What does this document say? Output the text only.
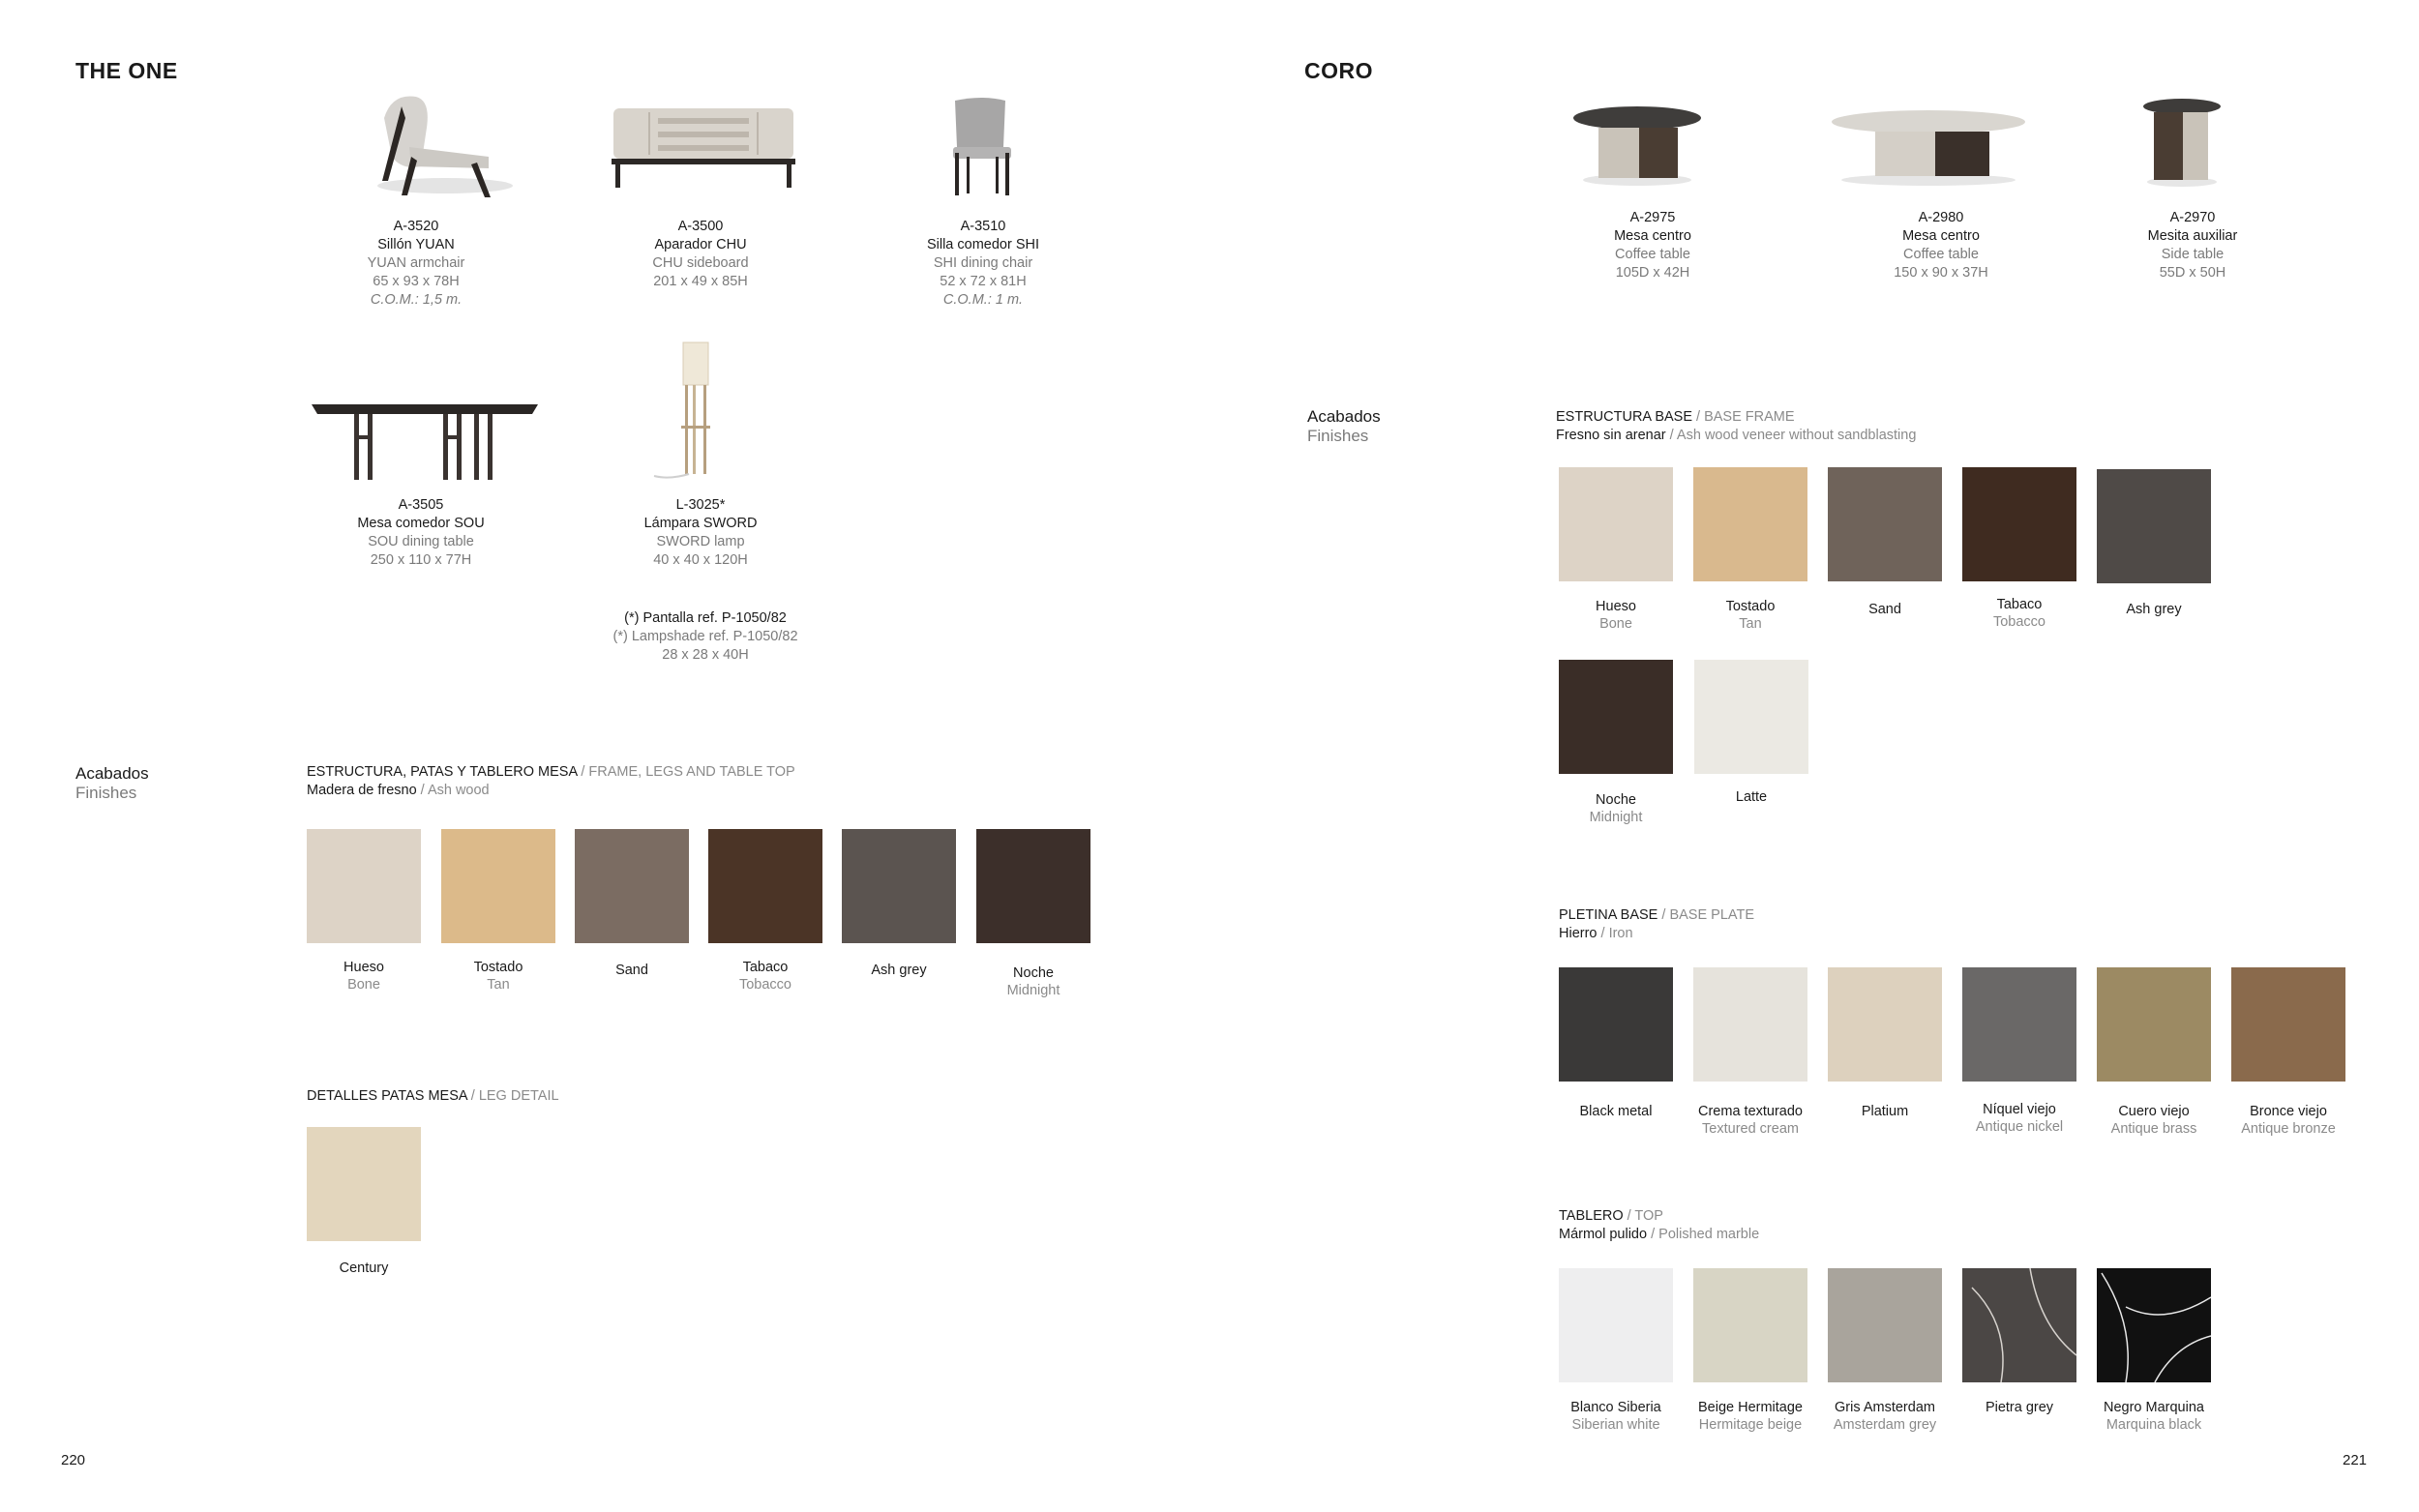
THE ONE
A-3520
Sillón YUAN
YUAN armchair
65 x 93 x 78H
C.O.M.: 1,5 m.
A-3500
Aparador CHU
CHU sideboard
201 x 49 x 85H
A-3510
Silla comedor SHI
SHI dining chair
52 x 72 x 81H
C.O.M.: 1 m.
A-3505
Mesa comedor SOU
SOU dining table
250 x 110 x 77H
L-3025*
Lámpara SWORD
SWORD lamp
40 x 40 x 120H
(*) Pantalla ref. P-1050/82
(*) Lampshade ref. P-1050/82
28 x 28 x 40H
Acabados
Finishes
ESTRUCTURA, PATAS Y TABLERO MESA / FRAME, LEGS AND TABLE TOP
Madera de fresno / Ash wood
Hueso
Bone
Tostado
Tan
Sand	Tabaco
Tobacco
Ash grey	Noche
Midnight
DETALLES PATAS MESA / LEG DETAIL
Century
220
CORO
A-2975
Mesa centro
Coffee table
105D x 42H
A-2980
Mesa centro
Coffee table
150 x 90 x 37H
A-2970
Mesita auxiliar
Side table
55D x 50H
Acabados
Finishes
ESTRUCTURA BASE / BASE FRAME
Fresno sin arenar / Ash wood veneer without sandblasting
Hueso
Bone
Tostado
Tan
Sand	Tabaco
Tobacco
Ash grey
Noche
Midnight
Latte
PLETINA BASE / BASE PLATE
Hierro / Iron
Black metal	Crema texturado
Textured cream
Platium	Níquel viejo
Antique nickel
Cuero viejo
Antique brass
Bronce viejo
Antique bronze
TABLERO / TOP
Mármol pulido / Polished marble
Blanco Siberia
Siberian white
Beige Hermitage
Hermitage beige
Gris Amsterdam
Amsterdam grey
Pietra grey	Negro Marquina
Marquina black
221
